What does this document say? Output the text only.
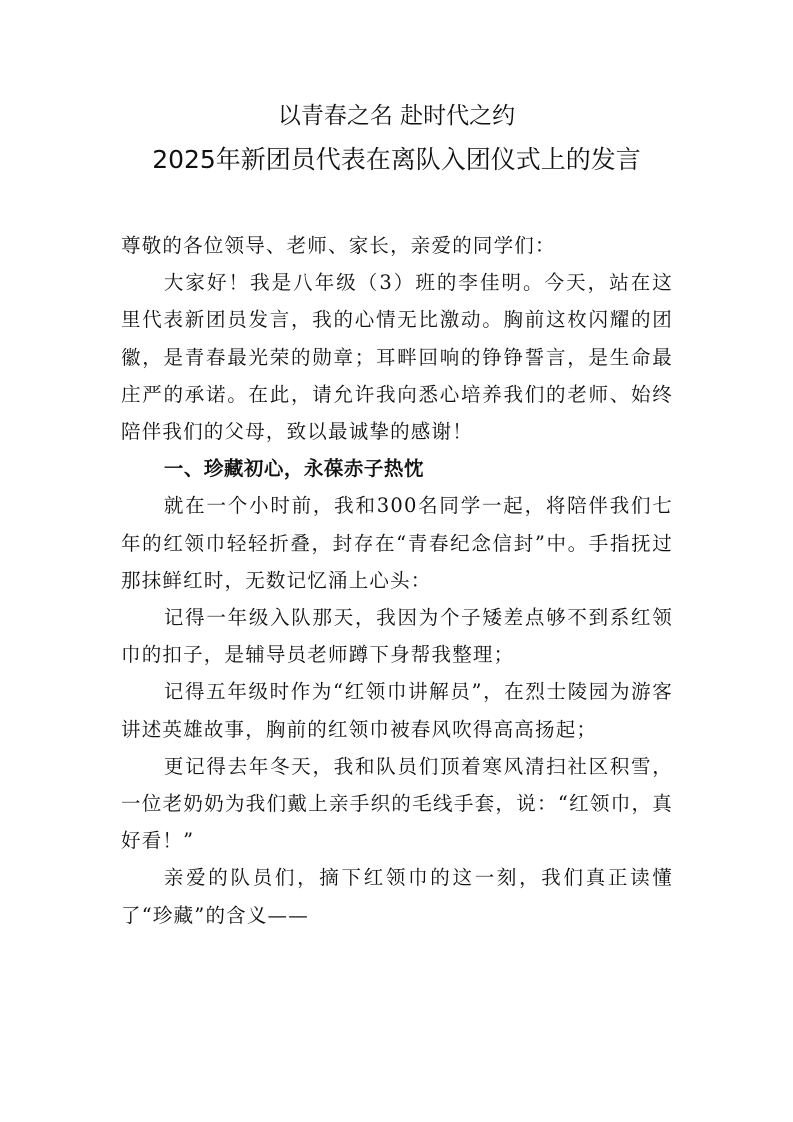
以青春之名 赴时代之约
2025年新团员代表在离队入团仪式上的发言

尊敬的各位领导、老师、家长，亲爱的同学们：

大家好！我是八年级（3）班的李佳明。今天，站在这里代表新团员发言，我的心情无比激动。胸前这枚闪耀的团徽，是青春最光荣的勋章；耳畔回响的铮铮誓言，是生命最庄严的承诺。在此，请允许我向悉心培养我们的老师、始终陪伴我们的父母，致以最诚挚的感谢！

一、珍藏初心，永葆赤子热忱

就在一个小时前，我和300名同学一起，将陪伴我们七年的红领巾轻轻折叠，封存在“青春纪念信封”中。手指抚过那抹鲜红时，无数记忆涌上心头：

记得一年级入队那天，我因为个子矮差点够不到系红领巾的扣子，是辅导员老师蹲下身帮我整理；

记得五年级时作为“红领巾讲解员”，在烈士陵园为游客讲述英雄故事，胸前的红领巾被春风吹得高高扬起；

更记得去年冬天，我和队员们顶着寒风清扫社区积雪，一位老奶奶为我们戴上亲手织的毛线手套，说：“红领巾，真好看！”

亲爱的队员们，摘下红领巾的这一刻，我们真正读懂了“珍藏”的含义——
